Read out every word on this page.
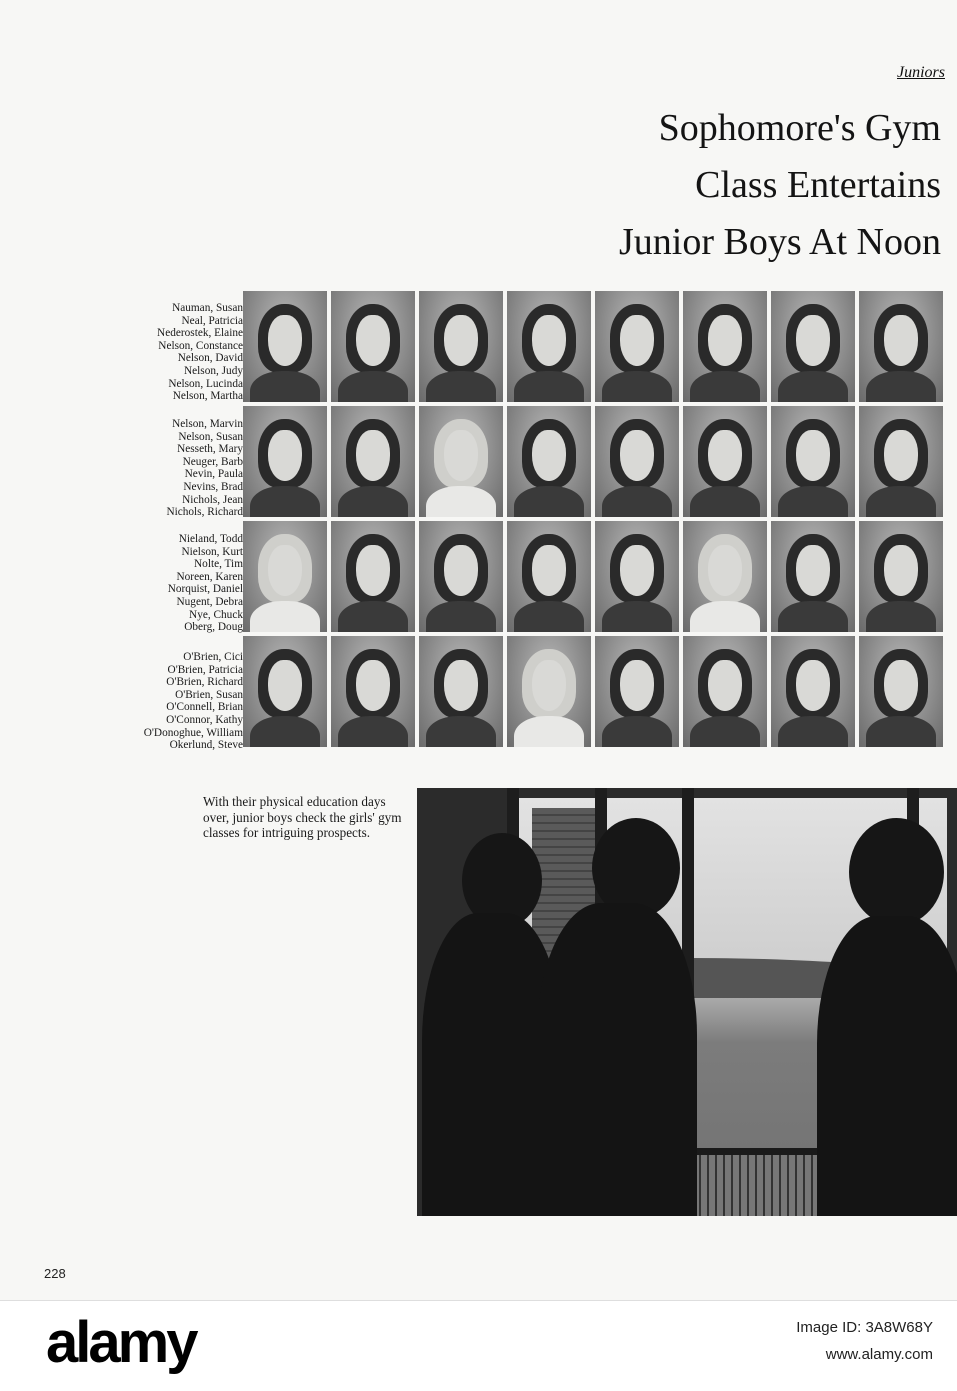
Juniors
Sophomore's Gym
Class Entertains
Junior Boys At Noon
Nauman, Susan
Neal, Patricia
Nederostek, Elaine
Nelson, Constance
Nelson, David
Nelson, Judy
Nelson, Lucinda
Nelson, Martha
Nelson, Marvin
Nelson, Susan
Nesseth, Mary
Neuger, Barb
Nevin, Paula
Nevins, Brad
Nichols, Jean
Nichols, Richard
Nieland, Todd
Nielson, Kurt
Nolte, Tim
Noreen, Karen
Norquist, Daniel
Nugent, Debra
Nye, Chuck
Oberg, Doug
O'Brien, Cici
O'Brien, Patricia
O'Brien, Richard
O'Brien, Susan
O'Connell, Brian
O'Connor, Kathy
O'Donoghue, William
Okerlund, Steve
With their physical education days over, junior boys check the girls' gym classes for intriguing prospects.
228
alamy	Image ID: 3A8W68Y
www.alamy.com
